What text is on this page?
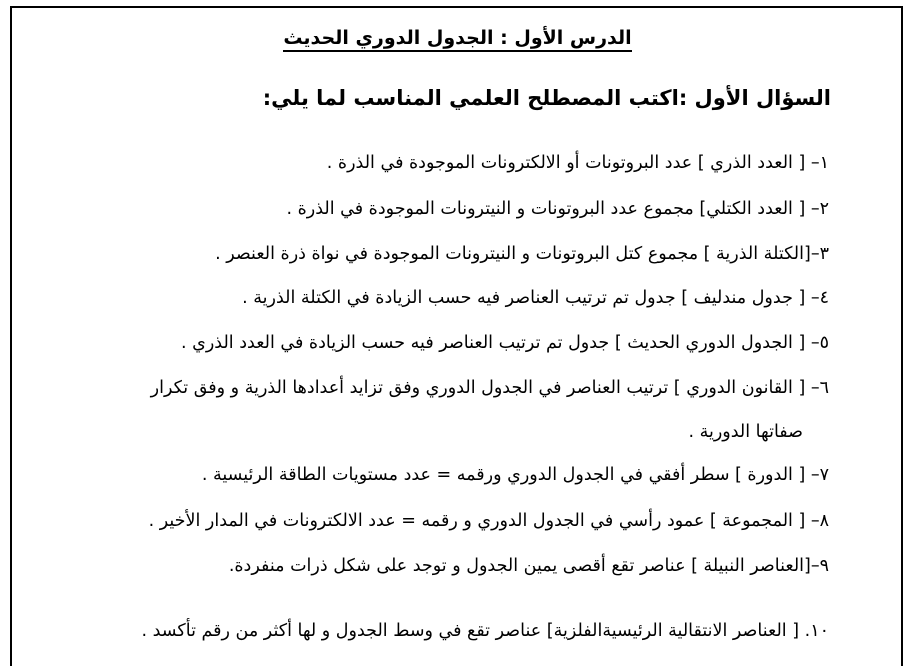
الدرس الأول : الجدول الدوري الحديث
السؤال الأول :اكتب المصطلح العلمي المناسب لما يلي:
١– [ العدد الذري ] عدد البروتونات أو الالكترونات الموجودة في الذرة .
٢– [ العدد الكتلي] مجموع عدد البروتونات و النيترونات الموجودة في الذرة .
٣–[الكتلة الذرية ] مجموع كتل البروتونات و النيترونات الموجودة في نواة ذرة العنصر .
٤– [ جدول مندليف ] جدول تم ترتيب العناصر فيه حسب الزيادة في الكتلة الذرية .
٥– [ الجدول الدوري الحديث ] جدول تم ترتيب العناصر فيه حسب الزيادة في العدد الذري .
٦– [ القانون الدوري ] ترتيب العناصر في الجدول الدوري وفق تزايد أعدادها الذرية و وفق تكرار
صفاتها الدورية .
٧– [ الدورة ] سطر أفقي في الجدول الدوري ورقمه = عدد مستويات الطاقة الرئيسية .
٨– [ المجموعة ] عمود رأسي في الجدول الدوري و رقمه = عدد الالكترونات في المدار الأخير .
٩–[العناصر النبيلة ] عناصر تقع أقصى يمين الجدول و توجد على شكل ذرات منفردة.
١٠. [ العناصر الانتقالية الرئيسيةالفلزية] عناصر تقع في وسط الجدول و لها أكثر من رقم تأكسد .
